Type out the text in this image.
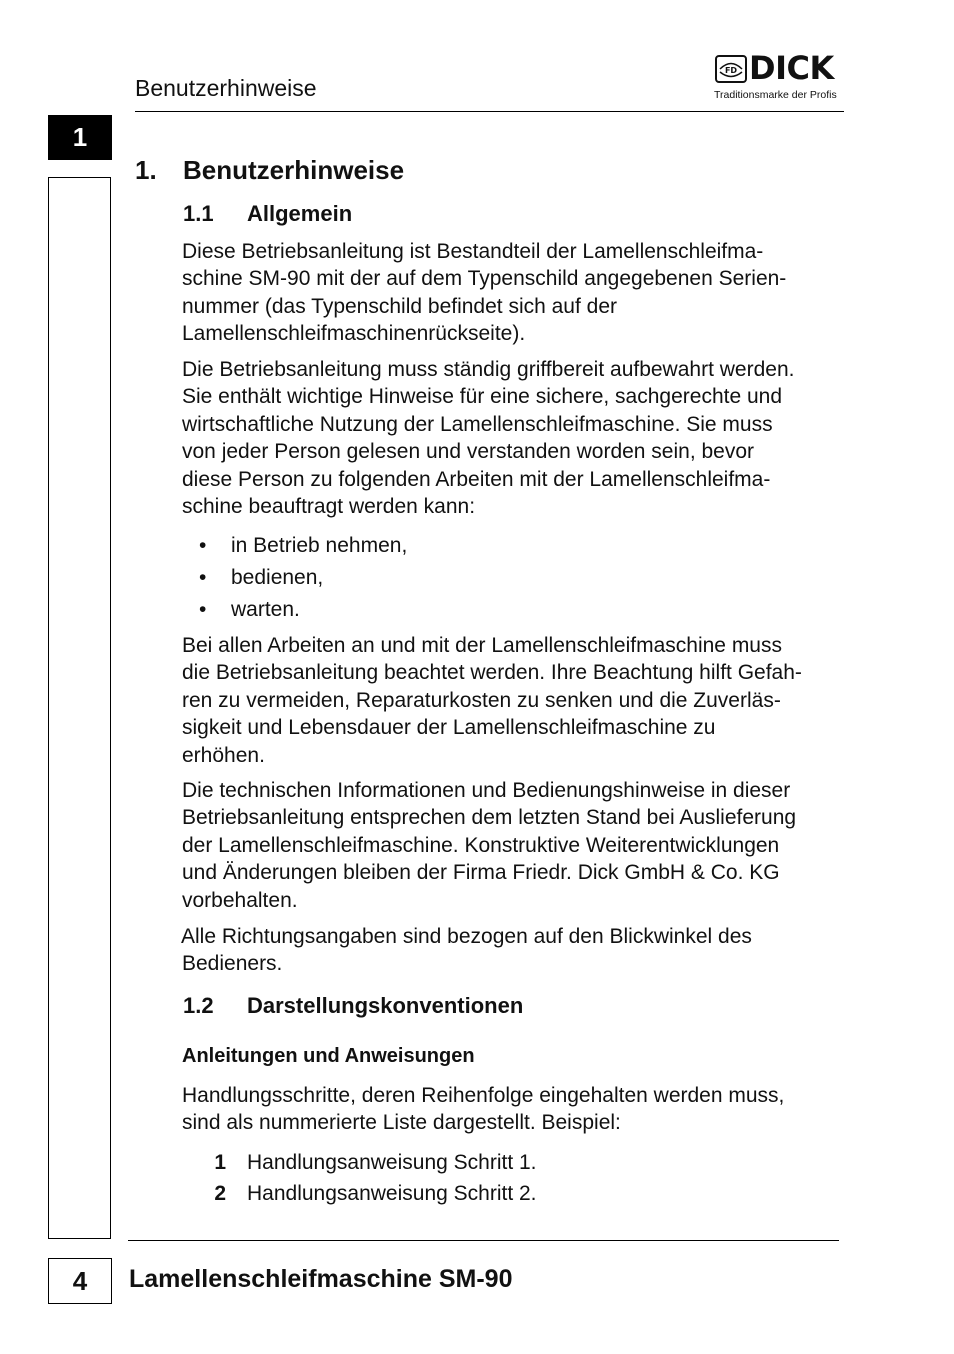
Benutzerhinweise
FD DICK
Traditionsmarke der Profis
1
1. Benutzerhinweise
1.1 Allgemein
Diese Betriebsanleitung ist Bestandteil der Lamellenschleifma-
schine SM-90 mit der auf dem Typenschild angegebenen Serien-
nummer (das Typenschild befindet sich auf der
Lamellenschleifmaschinenrückseite).
Die Betriebsanleitung muss ständig griffbereit aufbewahrt werden.
Sie enthält wichtige Hinweise für eine sichere, sachgerechte und
wirtschaftliche Nutzung der Lamellenschleifmaschine. Sie muss
von jeder Person gelesen und verstanden worden sein, bevor
diese Person zu folgenden Arbeiten mit der Lamellenschleifma-
schine beauftragt werden kann:
• in Betrieb nehmen,
• bedienen,
• warten.
Bei allen Arbeiten an und mit der Lamellenschleifmaschine muss
die Betriebsanleitung beachtet werden. Ihre Beachtung hilft Gefah-
ren zu vermeiden, Reparaturkosten zu senken und die Zuverläs-
sigkeit und Lebensdauer der Lamellenschleifmaschine zu
erhöhen.
Die technischen Informationen und Bedienungshinweise in dieser
Betriebsanleitung entsprechen dem letzten Stand bei Auslieferung
der Lamellenschleifmaschine. Konstruktive Weiterentwicklungen
und Änderungen bleiben der Firma Friedr. Dick GmbH & Co. KG
vorbehalten.
Alle Richtungsangaben sind bezogen auf den Blickwinkel des
Bedieners.
1.2 Darstellungskonventionen
Anleitungen und Anweisungen
Handlungsschritte, deren Reihenfolge eingehalten werden muss,
sind als nummerierte Liste dargestellt. Beispiel:
1 Handlungsanweisung Schritt 1.
2 Handlungsanweisung Schritt 2.
4 Lamellenschleifmaschine SM-90
